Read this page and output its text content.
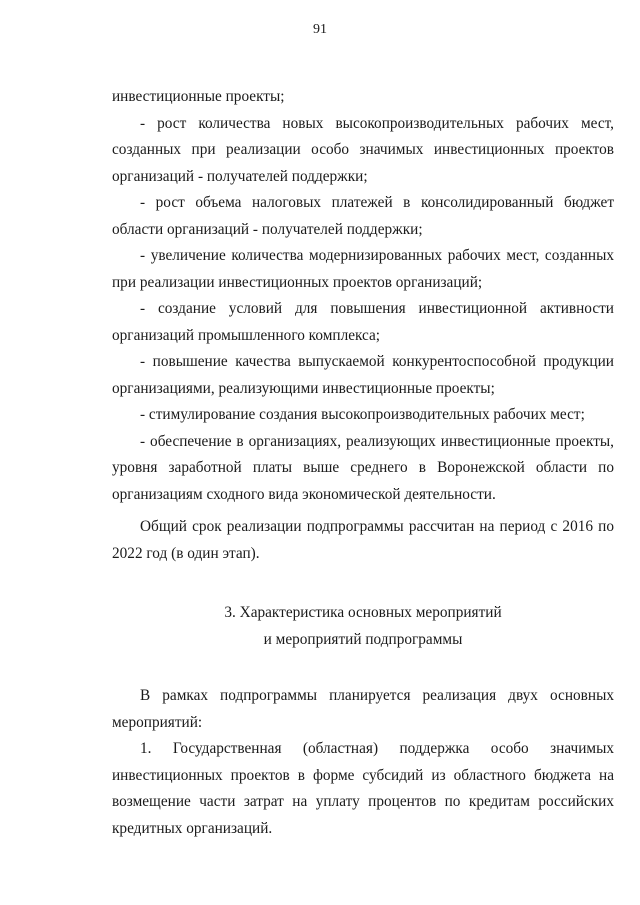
91

инвестиционные проекты;

- рост количества новых высокопроизводительных рабочих мест, созданных при реализации особо значимых инвестиционных проектов организаций - получателей поддержки;

- рост объема налоговых платежей в консолидированный бюджет области организаций - получателей поддержки;

- увеличение количества модернизированных рабочих мест, созданных при реализации инвестиционных проектов организаций;

- создание условий для повышения инвестиционной активности организаций промышленного комплекса;

- повышение качества выпускаемой конкурентоспособной продукции организациями, реализующими инвестиционные проекты;

- стимулирование создания высокопроизводительных рабочих мест;

- обеспечение в организациях, реализующих инвестиционные проекты, уровня заработной платы выше среднего в Воронежской области по организациям сходного вида экономической деятельности.

Общий срок реализации подпрограммы рассчитан на период с 2016 по 2022 год (в один этап).

3. Характеристика основных мероприятий
и мероприятий подпрограммы

В рамках подпрограммы планируется реализация двух основных мероприятий:

1. Государственная (областная) поддержка особо значимых инвестиционных проектов в форме субсидий из областного бюджета на возмещение части затрат на уплату процентов по кредитам российских кредитных организаций.
